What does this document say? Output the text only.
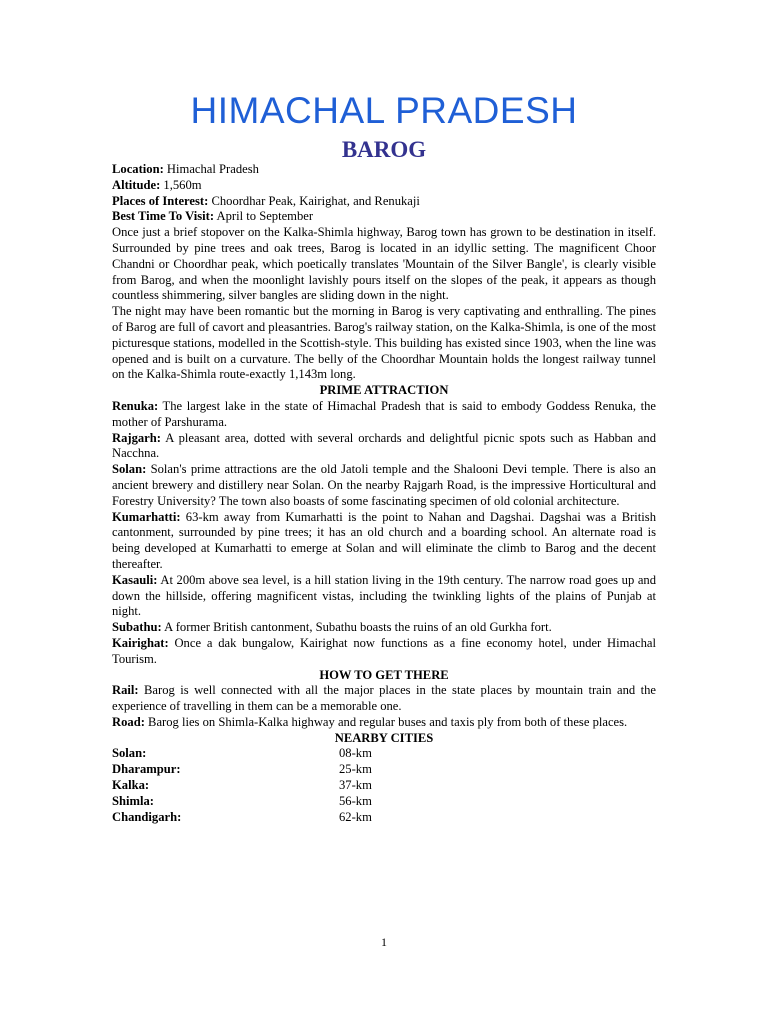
HIMACHAL PRADESH
BAROG

Location: Himachal Pradesh

Altitude: 1,560m

Places of Interest: Choordhar Peak, Kairighat, and Renukaji

Best Time To Visit: April to September

Once just a brief stopover on the Kalka-Shimla highway, Barog town has grown to be destination in itself. Surrounded by pine trees and oak trees, Barog is located in an idyllic setting. The magnificent Choor Chandni or Choordhar peak, which poetically translates 'Mountain of the Silver Bangle', is clearly visible from Barog, and when the moonlight lavishly pours itself on the slopes of the peak, it appears as though countless shimmering, silver bangles are sliding down in the night.

The night may have been romantic but the morning in Barog is very captivating and enthralling. The pines of Barog are full of cavort and pleasantries. Barog's railway station, on the Kalka-Shimla, is one of the most picturesque stations, modelled in the Scottish-style. This building has existed since 1903, when the line was opened and is built on a curvature. The belly of the Choordhar Mountain holds the longest railway tunnel on the Kalka-Shimla route-exactly 1,143m long.

PRIME ATTRACTION

Renuka: The largest lake in the state of Himachal Pradesh that is said to embody Goddess Renuka, the mother of Parshurama.

Rajgarh: A pleasant area, dotted with several orchards and delightful picnic spots such as Habban and Nacchna.

Solan: Solan's prime attractions are the old Jatoli temple and the Shalooni Devi temple. There is also an ancient brewery and distillery near Solan. On the nearby Rajgarh Road, is the impressive Horticultural and Forestry University? The town also boasts of some fascinating specimen of old colonial architecture.

Kumarhatti: 63-km away from Kumarhatti is the point to Nahan and Dagshai. Dagshai was a British cantonment, surrounded by pine trees; it has an old church and a boarding school. An alternate road is being developed at Kumarhatti to emerge at Solan and will eliminate the climb to Barog and the decent thereafter.

Kasauli: At 200m above sea level, is a hill station living in the 19th century. The narrow road goes up and down the hillside, offering magnificent vistas, including the twinkling lights of the plains of Punjab at night.

Subathu: A former British cantonment, Subathu boasts the ruins of an old Gurkha fort.

Kairighat: Once a dak bungalow, Kairighat now functions as a fine economy hotel, under Himachal Tourism.

HOW TO GET THERE

Rail: Barog is well connected with all the major places in the state places by mountain train and the experience of travelling in them can be a memorable one.

Road: Barog lies on Shimla-Kalka highway and regular buses and taxis ply from both of these places.

NEARBY CITIES

Solan:	08-km
Dharampur:	25-km
Kalka:	37-km
Shimla:	56-km
Chandigarh:	62-km
1
